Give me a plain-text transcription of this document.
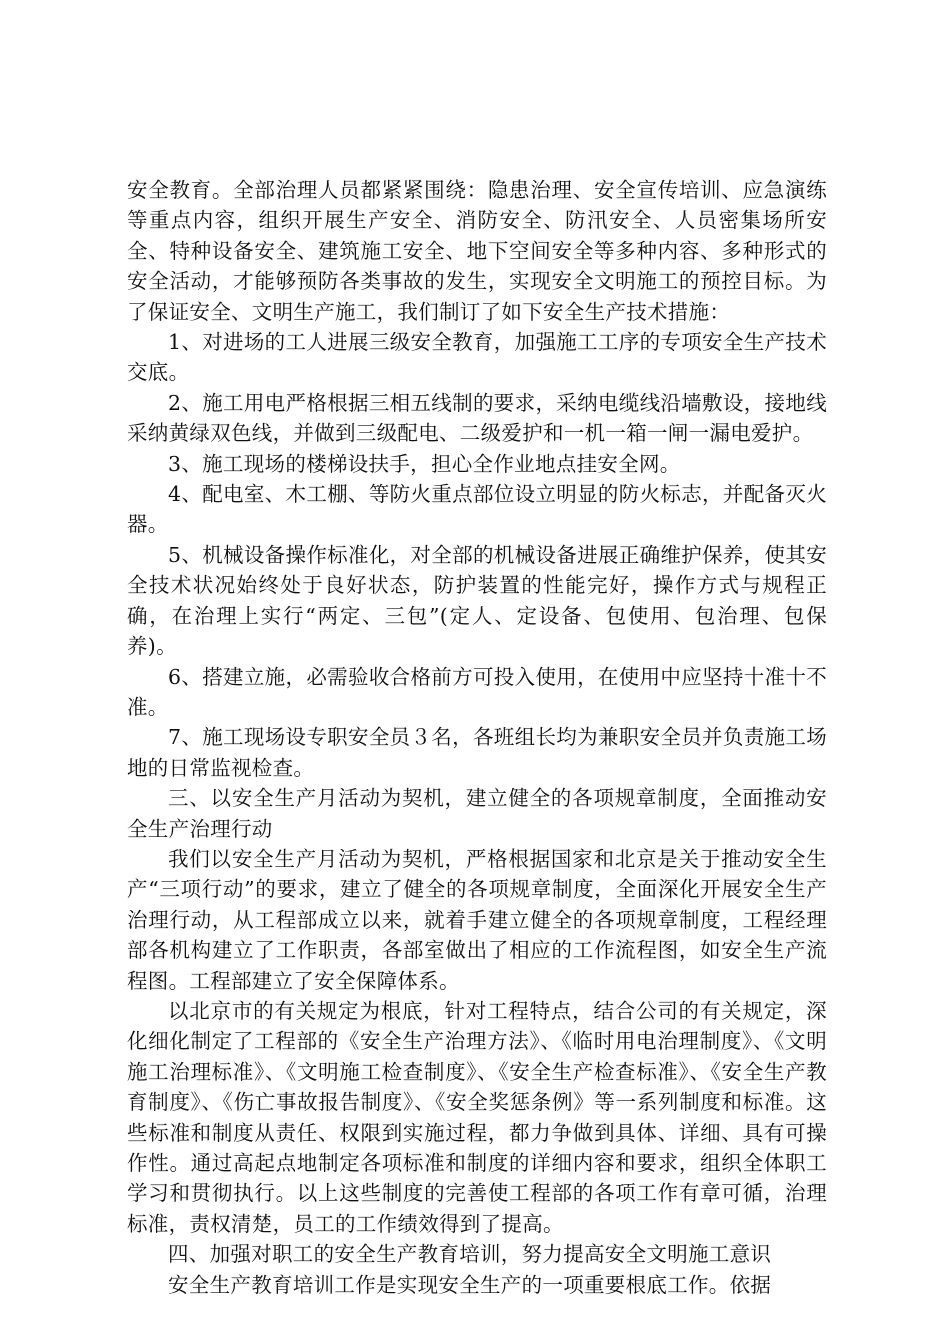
安全教育。全部治理人员都紧紧围绕：隐患治理、安全宣传培训、应急演练等重点内容，组织开展生产安全、消防安全、防汛安全、人员密集场所安全、特种设备安全、建筑施工安全、地下空间安全等多种内容、多种形式的安全活动，才能够预防各类事故的发生，实现安全文明施工的预控目标。为了保证安全、文明生产施工，我们制订了如下安全生产技术措施：

1、对进场的工人进展三级安全教育，加强施工工序的专项安全生产技术交底。

2、施工用电严格根据三相五线制的要求，采纳电缆线沿墙敷设，接地线采纳黄绿双色线，并做到三级配电、二级爱护和一机一箱一闸一漏电爱护。

3、施工现场的楼梯设扶手，担心全作业地点挂安全网。

4、配电室、木工棚、等防火重点部位设立明显的防火标志，并配备灭火器。

5、机械设备操作标准化，对全部的机械设备进展正确维护保养，使其安全技术状况始终处于良好状态，防护装置的性能完好，操作方式与规程正确，在治理上实行“两定、三包”(定人、定设备、包使用、包治理、包保养)。

6、搭建立施，必需验收合格前方可投入使用，在使用中应坚持十准十不准。

7、施工现场设专职安全员３名，各班组长均为兼职安全员并负责施工场地的日常监视检查。

三、以安全生产月活动为契机，建立健全的各项规章制度，全面推动安全生产治理行动

我们以安全生产月活动为契机，严格根据国家和北京是关于推动安全生产“三项行动”的要求，建立了健全的各项规章制度，全面深化开展安全生产治理行动，从工程部成立以来，就着手建立健全的各项规章制度，工程经理部各机构建立了工作职责，各部室做出了相应的工作流程图，如安全生产流程图。工程部建立了安全保障体系。

以北京市的有关规定为根底，针对工程特点，结合公司的有关规定，深化细化制定了工程部的《安全生产治理方法》、《临时用电治理制度》、《文明施工治理标准》、《文明施工检查制度》、《安全生产检查标准》、《安全生产教育制度》、《伤亡事故报告制度》、《安全奖惩条例》等一系列制度和标准。这些标准和制度从责任、权限到实施过程，都力争做到具体、详细、具有可操作性。通过高起点地制定各项标准和制度的详细内容和要求，组织全体职工学习和贯彻执行。以上这些制度的完善使工程部的各项工作有章可循，治理标准，责权清楚，员工的工作绩效得到了提高。

四、加强对职工的安全生产教育培训，努力提高安全文明施工意识

安全生产教育培训工作是实现安全生产的一项重要根底工作。依据
